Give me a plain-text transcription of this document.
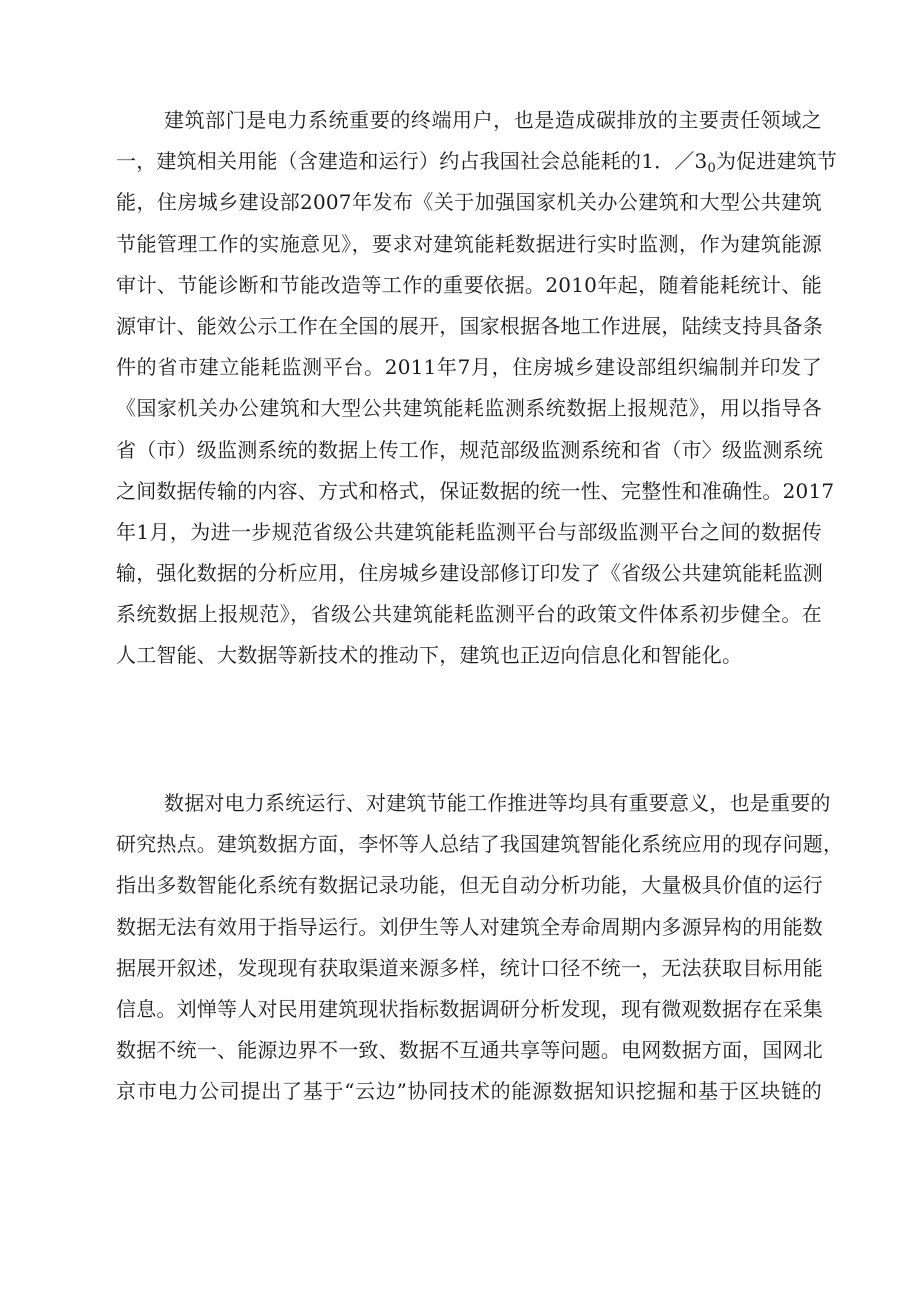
建筑部门是电力系统重要的终端用户，也是造成碳排放的主要责任领域之
一，建筑相关用能（含建造和运行）约占我国社会总能耗的1．$/3_0$为促进建筑节
能，住房城乡建设部2007年发布《关于加强国家机关办公建筑和大型公共建筑
节能管理工作的实施意见》，要求对建筑能耗数据进行实时监测，作为建筑能源
审计、节能诊断和节能改造等工作的重要依据。2010年起，随着能耗统计、能
源审计、能效公示工作在全国的展开，国家根据各地工作进展，陆续支持具备条
件的省市建立能耗监测平台。2011年7月，住房城乡建设部组织编制并印发了
《国家机关办公建筑和大型公共建筑能耗监测系统数据上报规范》，用以指导各
省（市）级监测系统的数据上传工作，规范部级监测系统和省（市〉级监测系统
之间数据传输的内容、方式和格式，保证数据的统一性、完整性和准确性。2017
年1月，为进一步规范省级公共建筑能耗监测平台与部级监测平台之间的数据传
输，强化数据的分析应用，住房城乡建设部修订印发了《省级公共建筑能耗监测
系统数据上报规范》，省级公共建筑能耗监测平台的政策文件体系初步健全。在
人工智能、大数据等新技术的推动下，建筑也正迈向信息化和智能化。
数据对电力系统运行、对建筑节能工作推进等均具有重要意义，也是重要的
研究热点。建筑数据方面，李怀等人总结了我国建筑智能化系统应用的现存问题，
指出多数智能化系统有数据记录功能，但无自动分析功能，大量极具价值的运行
数据无法有效用于指导运行。刘伊生等人对建筑全寿命周期内多源异构的用能数
据展开叙述，发现现有获取渠道来源多样，统计口径不统一，无法获取目标用能
信息。刘惮等人对民用建筑现状指标数据调研分析发现，现有微观数据存在采集
数据不统一、能源边界不一致、数据不互通共享等问题。电网数据方面，国网北
京市电力公司提出了基于“云边”协同技术的能源数据知识挖掘和基于区块链的
